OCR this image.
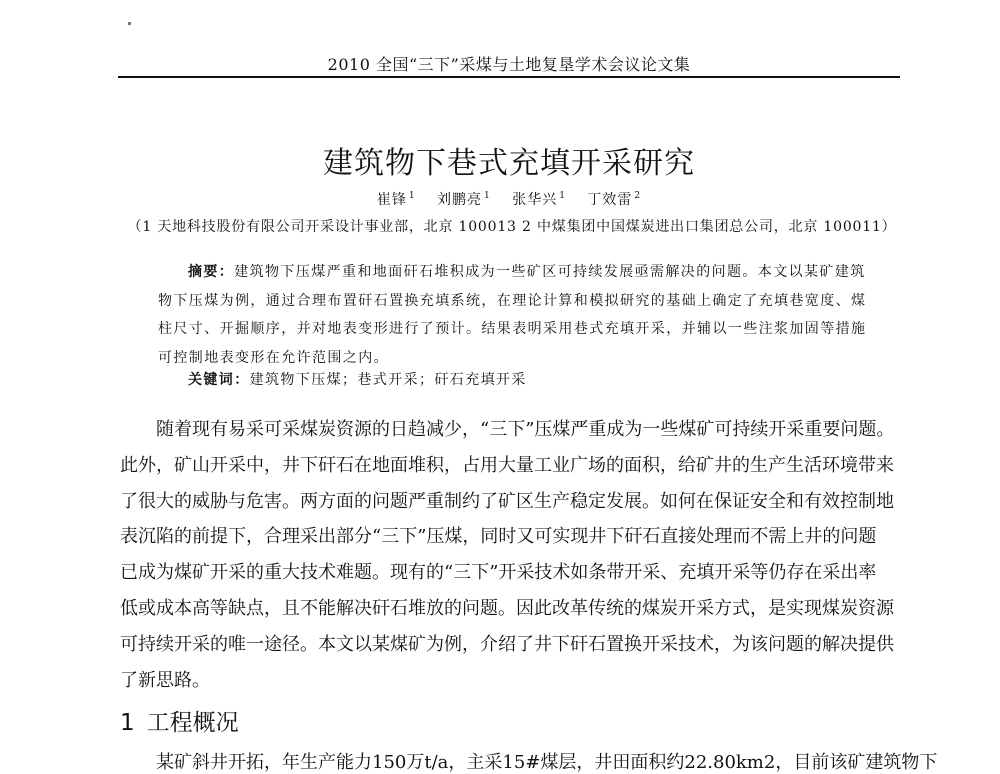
2010 全国“三下”采煤与土地复垦学术会议论文集
建筑物下巷式充填开采研究
崔锋 $^1$ 刘鹏亮 $^1$ 张华兴 $^1$ 丁效雷 $^2$
（1 天地科技股份有限公司开采设计事业部，北京 100013 2 中煤集团中国煤炭进出口集团总公司，北京 100011）
摘要：建筑物下压煤严重和地面矸石堆积成为一些矿区可持续发展亟需解决的问题。本文以某矿建筑
物下压煤为例，通过合理布置矸石置换充填系统，在理论计算和模拟研究的基础上确定了充填巷宽度、煤
柱尺寸、开掘顺序，并对地表变形进行了预计。结果表明采用巷式充填开采，并辅以一些注浆加固等措施
可控制地表变形在允许范围之内。
关键词：建筑物下压煤；巷式开采；矸石充填开采
随着现有易采可采煤炭资源的日趋减少，“三下”压煤严重成为一些煤矿可持续开采重要问题。
此外，矿山开采中，井下矸石在地面堆积，占用大量工业广场的面积，给矿井的生产生活环境带来
了很大的威胁与危害。两方面的问题严重制约了矿区生产稳定发展。如何在保证安全和有效控制地
表沉陷的前提下，合理采出部分“三下”压煤，同时又可实现井下矸石直接处理而不需上井的问题
已成为煤矿开采的重大技术难题。现有的“三下”开采技术如条带开采、充填开采等仍存在采出率
低或成本高等缺点，且不能解决矸石堆放的问题。因此改革传统的煤炭开采方式，是实现煤炭资源
可持续开采的唯一途径。本文以某煤矿为例，介绍了井下矸石置换开采技术，为该问题的解决提供
了新思路。
1 工程概况
某矿斜井开拓，年生产能力150万t/a，主采15#煤层，井田面积约22.80km2，目前该矿建筑物下
